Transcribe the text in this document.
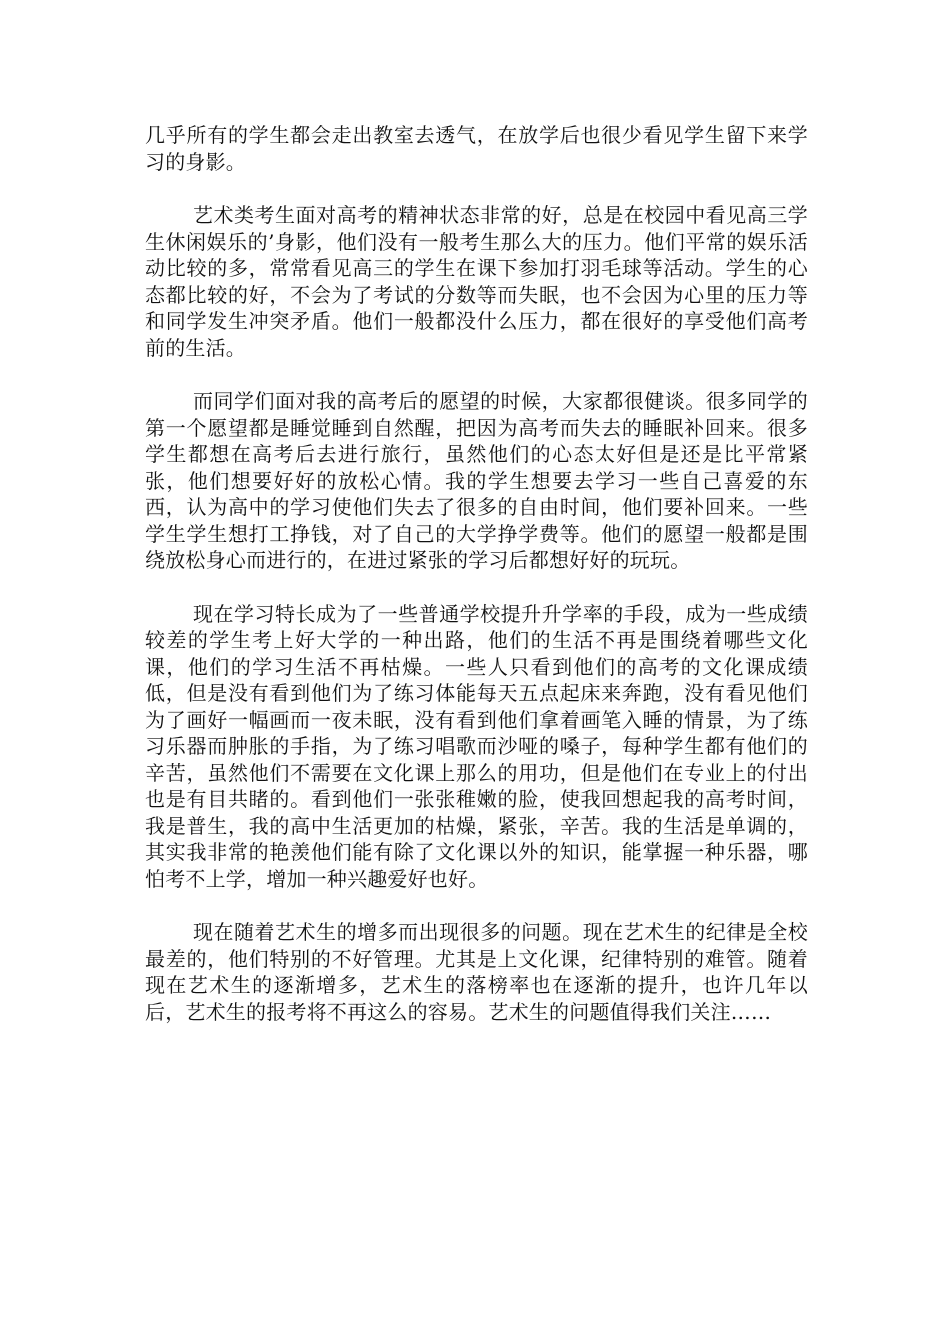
几乎所有的学生都会走出教室去透气，在放学后也很少看见学生留下来学习的身影。

艺术类考生面对高考的精神状态非常的好，总是在校园中看见高三学生休闲娱乐的’身影，他们没有一般考生那么大的压力。他们平常的娱乐活动比较的多，常常看见高三的学生在课下参加打羽毛球等活动。学生的心态都比较的好，不会为了考试的分数等而失眠，也不会因为心里的压力等和同学发生冲突矛盾。他们一般都没什么压力，都在很好的享受他们高考前的生活。

而同学们面对我的高考后的愿望的时候，大家都很健谈。很多同学的第一个愿望都是睡觉睡到自然醒，把因为高考而失去的睡眠补回来。很多学生都想在高考后去进行旅行，虽然他们的心态太好但是还是比平常紧张，他们想要好好的放松心情。我的学生想要去学习一些自己喜爱的东西，认为高中的学习使他们失去了很多的自由时间，他们要补回来。一些学生学生想打工挣钱，对了自己的大学挣学费等。他们的愿望一般都是围绕放松身心而进行的，在进过紧张的学习后都想好好的玩玩。

现在学习特长成为了一些普通学校提升升学率的手段，成为一些成绩较差的学生考上好大学的一种出路，他们的生活不再是围绕着哪些文化课，他们的学习生活不再枯燥。一些人只看到他们的高考的文化课成绩低，但是没有看到他们为了练习体能每天五点起床来奔跑，没有看见他们为了画好一幅画而一夜未眠，没有看到他们拿着画笔入睡的情景，为了练习乐器而肿胀的手指，为了练习唱歌而沙哑的嗓子，每种学生都有他们的辛苦，虽然他们不需要在文化课上那么的用功，但是他们在专业上的付出也是有目共睹的。看到他们一张张稚嫩的脸，使我回想起我的高考时间，我是普生，我的高中生活更加的枯燥，紧张，辛苦。我的生活是单调的，其实我非常的艳羡他们能有除了文化课以外的知识，能掌握一种乐器，哪怕考不上学，增加一种兴趣爱好也好。

现在随着艺术生的增多而出现很多的问题。现在艺术生的纪律是全校最差的，他们特别的不好管理。尤其是上文化课，纪律特别的难管。随着现在艺术生的逐渐增多，艺术生的落榜率也在逐渐的提升，也许几年以后，艺术生的报考将不再这么的容易。艺术生的问题值得我们关注……
